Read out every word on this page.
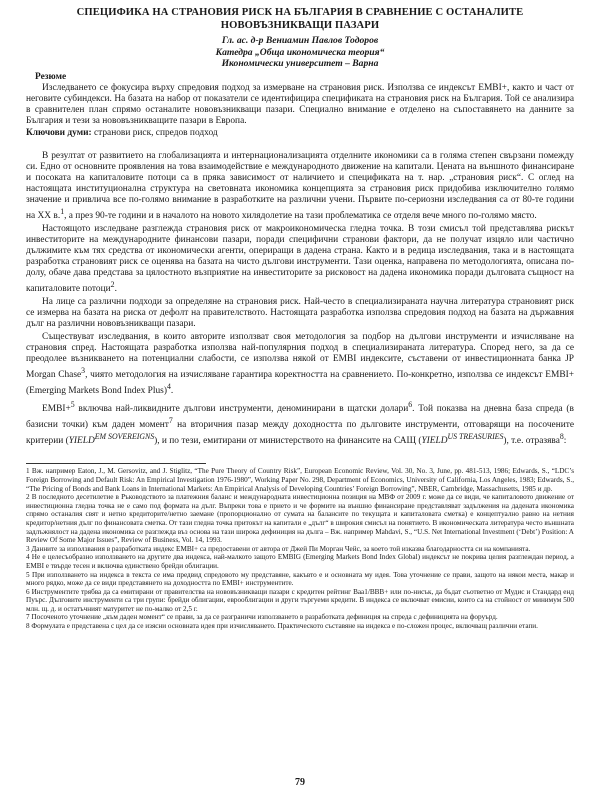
СПЕЦИФИКА НА СТРАНОВИЯ РИСК НА БЪЛГАРИЯ В СРАВНЕНИЕ С ОСТАНАЛИТЕ НОВОВЪЗНИКВАЩИ ПАЗАРИ
Гл. ас. д-р Вениамин Павлов Тодоров
Катедра „Обща икономическа теория“
Икономически университет – Варна
Резюме

Изследването се фокусира върху спредовия подход за измерване на страновия риск. Използва се индексът EMBI+, както и част от неговите субиндекси. На базата на набор от показатели се идентифицира спецификата на страновия риск на България. Той се анализира в сравнителен план спрямо останалите нововъзникващи пазари. Специално внимание е отделено на съпоставянето на данните за България и тези за нововъзникващите пазари в Европа.

Ключови думи: странови риск, спредов подход

В резултат от развитието на глобализацията и интернационализацията отделните икономики са в голяма степен свързани помежду си. Едно от основните проявления на това взаимодействие е международното движение на капитали. Цената на външното финансиране и посоката на капиталовите потоци са в пряка зависимост от наличието и спецификата на т. нар. „страновия риск“. С оглед на настоящата институционална структура на световната икономика концепцията за страновия риск придобива изключително голямо значение и привлича все по-голямо внимание в разработките на различни учени. Първите по-сериозни изследвания са от 80-те години на XX в.$^1$, а през 90-те години и в началото на новото хилядолетие на тази проблематика се отделя вече много по-голямо място.

Настоящото изследване разглежда страновия риск от макроикономическа гледна точка. В този смисъл той представлява рискът инвеститорите на международните финансови пазари, поради специфични странови фактори, да не получат изцяло или частично дължимите към тях средства от икономически агенти, опериращи в дадена страна. Както и в редица изследвания, така и в настоящата разработка страновият риск се оценява на базата на чисто дългови инструменти. Тази оценка, направена по методологията, описана по-долу, обаче дава представа за цялостното възприятие на инвеститорите за рисковост на дадена икономика поради дълговата същност на капиталовите потоци$^2$.

На лице са различни подходи за определяне на страновия риск. Най-често в специализираната научна литература страновият риск се измерва на базата на риска от дефолт на правителството. Настоящата разработка използва спредовия подход на базата на държавния дълг на различни нововъзникващи пазари.

Съществуват изследвания, в които авторите използват своя методология за подбор на дългови инструменти и изчисляване на страновия спред. Настоящата разработка използва най-популярния подход в специализираната литература. Според него, за да се преодолее възникването на потенциални слабости, се използва някой от EMBI индексите, съставени от инвестиционната банка JP Morgan Chase$^3$, чиято методология на изчисляване гарантира коректността на сравнението. По-конкретно, използва се индексът EMBI+ (Emerging Markets Bond Index Plus)$^4$.

EMBI+$^5$ включва най-ликвидните дългови инструменти, деноминирани в щатски долари$^6$. Той показва на дневна база спреда (в базисни точки) към даден момент$^7$ на вторичния пазар между доходността по дълговите инструменти, отговарящи на посочените критерии $(YIELD^{EM SOVEREIGNS})$, и по тези, емитирани от министерството на финансите на САЩ $(YIELD^{US TREASURIES})$, т.е. отразява$^8$:

1 Вж. например Eaton, J., M. Gersovitz, and J. Stiglitz, “The Pure Theory of Country Risk”, European Economic Review, Vol. 30, No. 3, June, pp. 481-513, 1986; Edwards, S., “LDC’s Foreign Borrowing and Default Risk: An Empirical Investigation 1976-1980”, Working Paper No. 298, Department of Economics, University of California, Los Angeles, 1983; Edwards, S., “The Pricing of Bonds and Bank Loans in International Markets: An Empirical Analysis of Developing Countries’ Foreign Borrowing”, NBER, Cambridge, Massachusetts, 1985 и др.

2 В последното десетилетие в Ръководството за платежния баланс и международната инвестиционна позиция на МВФ от 2009 г. може да се види, че капиталовото движение от инвестиционна гледна точка не е само под формата на дълг. Въпреки това е прието и че формите на външно финансиране представляват задължения на дадената икономика спрямо останалия свят и нетно кредиторите/нетно заемане (пропорционално от сумата на балансите по текущата и капиталовата сметка) е концептуално равно на нетния кредитор/нетния дълг по финансовата сметка. От тази гледна точка притокът на капитали е „дълг“ в широкия смисъл на понятието. В икономическата литература често външната задлъжнялост на дадена икономика се разглежда въз основа на тази широка дефиниция на дълга – Вж. например Mahdavi, S., “U.S. Net International Investment (‘Debt’) Position: A Review Of Some Major Issues”, Review of Business, Vol. 14, 1993.

3 Данните за използвания в разработката индекс EMBI+ са предоставени от автора от Джей Пи Морган Чейс, за което той изказва благодарността си на компанията.

4 Не е целесъобразно използването на другите два индекса, най-малкото защото EMBIG (Emerging Markets Bond Index Global) индексът не покрива целия разглеждан период, а EMBI е твърде тесен и включва единствено брейди облигации.

5 При използването на индекса в текста се има предвид спредовото му представяне, какъвто е и основната му идея. Това уточнение се прави, защото на някои места, макар и много рядко, може да се види представянето на доходността по EMBI+ инструментите.

6 Инструментите трябва да са емитирани от правителства на нововъзникващи пазари с кредитен рейтинг Baa1/BBB+ или по-нисък, да бъдат съответно от Мудис и Стандард енд Пуърс. Дълговите инструменти са три групи: брейди облигации, еврооблигации и други търгуеми кредити. В индекса се включват емисии, които са на стойност от минимум 500 млн. щ. д. и остатъчният матуритет не по-малко от 2,5 г.

7 Посоченото уточнение „към даден момент“ се прави, за да се разграничи използването в разработката дефиниция на спреда с дефиницията на форуърд.

8 Формулата е представена с цел да се изясни основната идея при изчисляването. Практическото съставяне на индекса е по-сложен процес, включващ различни етапи.

79
